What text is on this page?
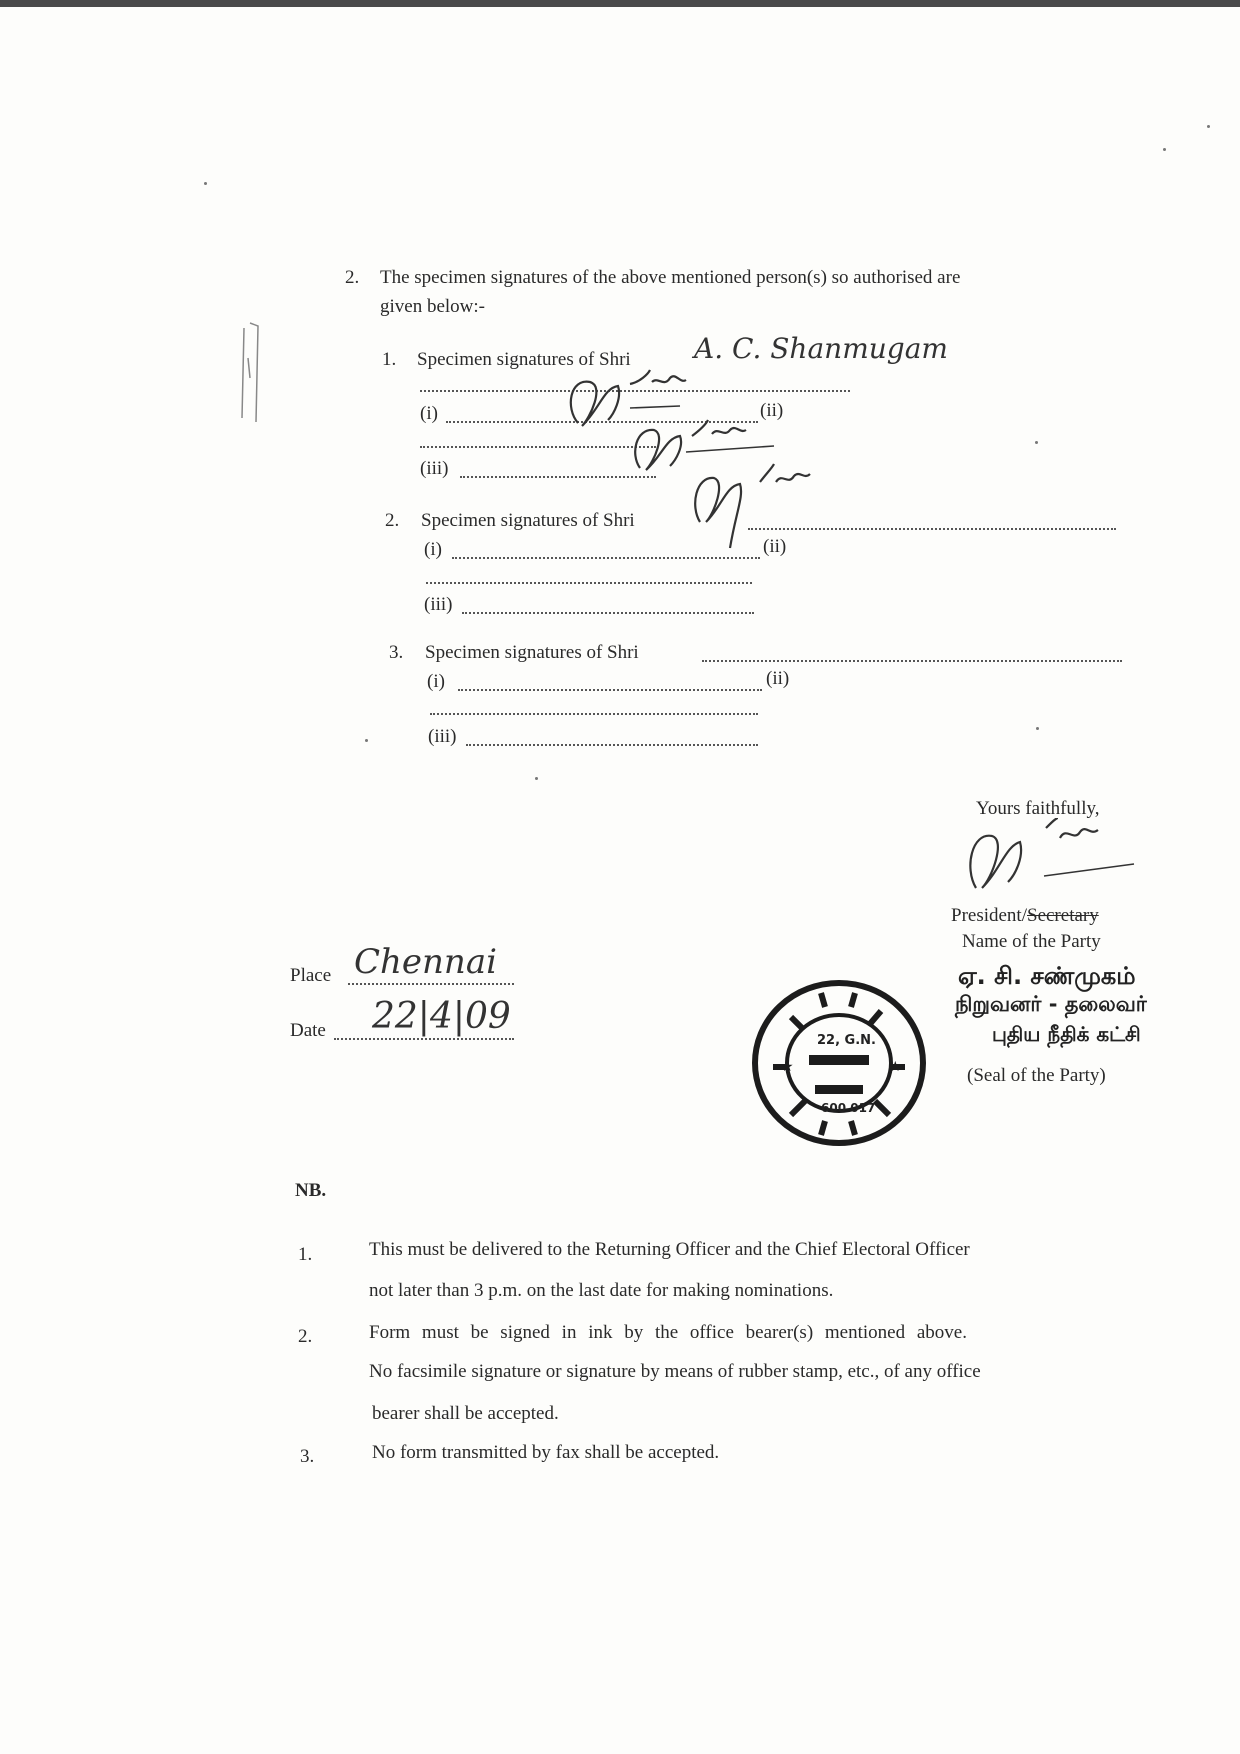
2. The specimen signatures of the above mentioned person(s) so authorised are
given below:-
1. Specimen signatures of Shri A. C. Shanmugam
(i)	(ii)
(iii)
2. Specimen signatures of Shri
(i)	(ii)
(iii)
3. Specimen signatures of Shri
(i)	(ii)
(iii)
Yours faithfully,
President/Secretary
Name of the Party
ஏ. சி. சண்முகம்
நிறுவனர் - தலைவர்
புதிய நீதிக் கட்சி
(Seal of the Party)
★	★
22, G.N.
600 017
Place Chennai
Date 22|4|09
NB.
1.	This must be delivered to the Returning Officer and the Chief Electoral Officer
not later than 3 p.m. on the last date for making nominations.
2.	Form must be signed in ink by the office bearer(s) mentioned above.
No facsimile signature or signature by means of rubber stamp, etc., of any office
bearer shall be accepted.
3.	No form transmitted by fax shall be accepted.
